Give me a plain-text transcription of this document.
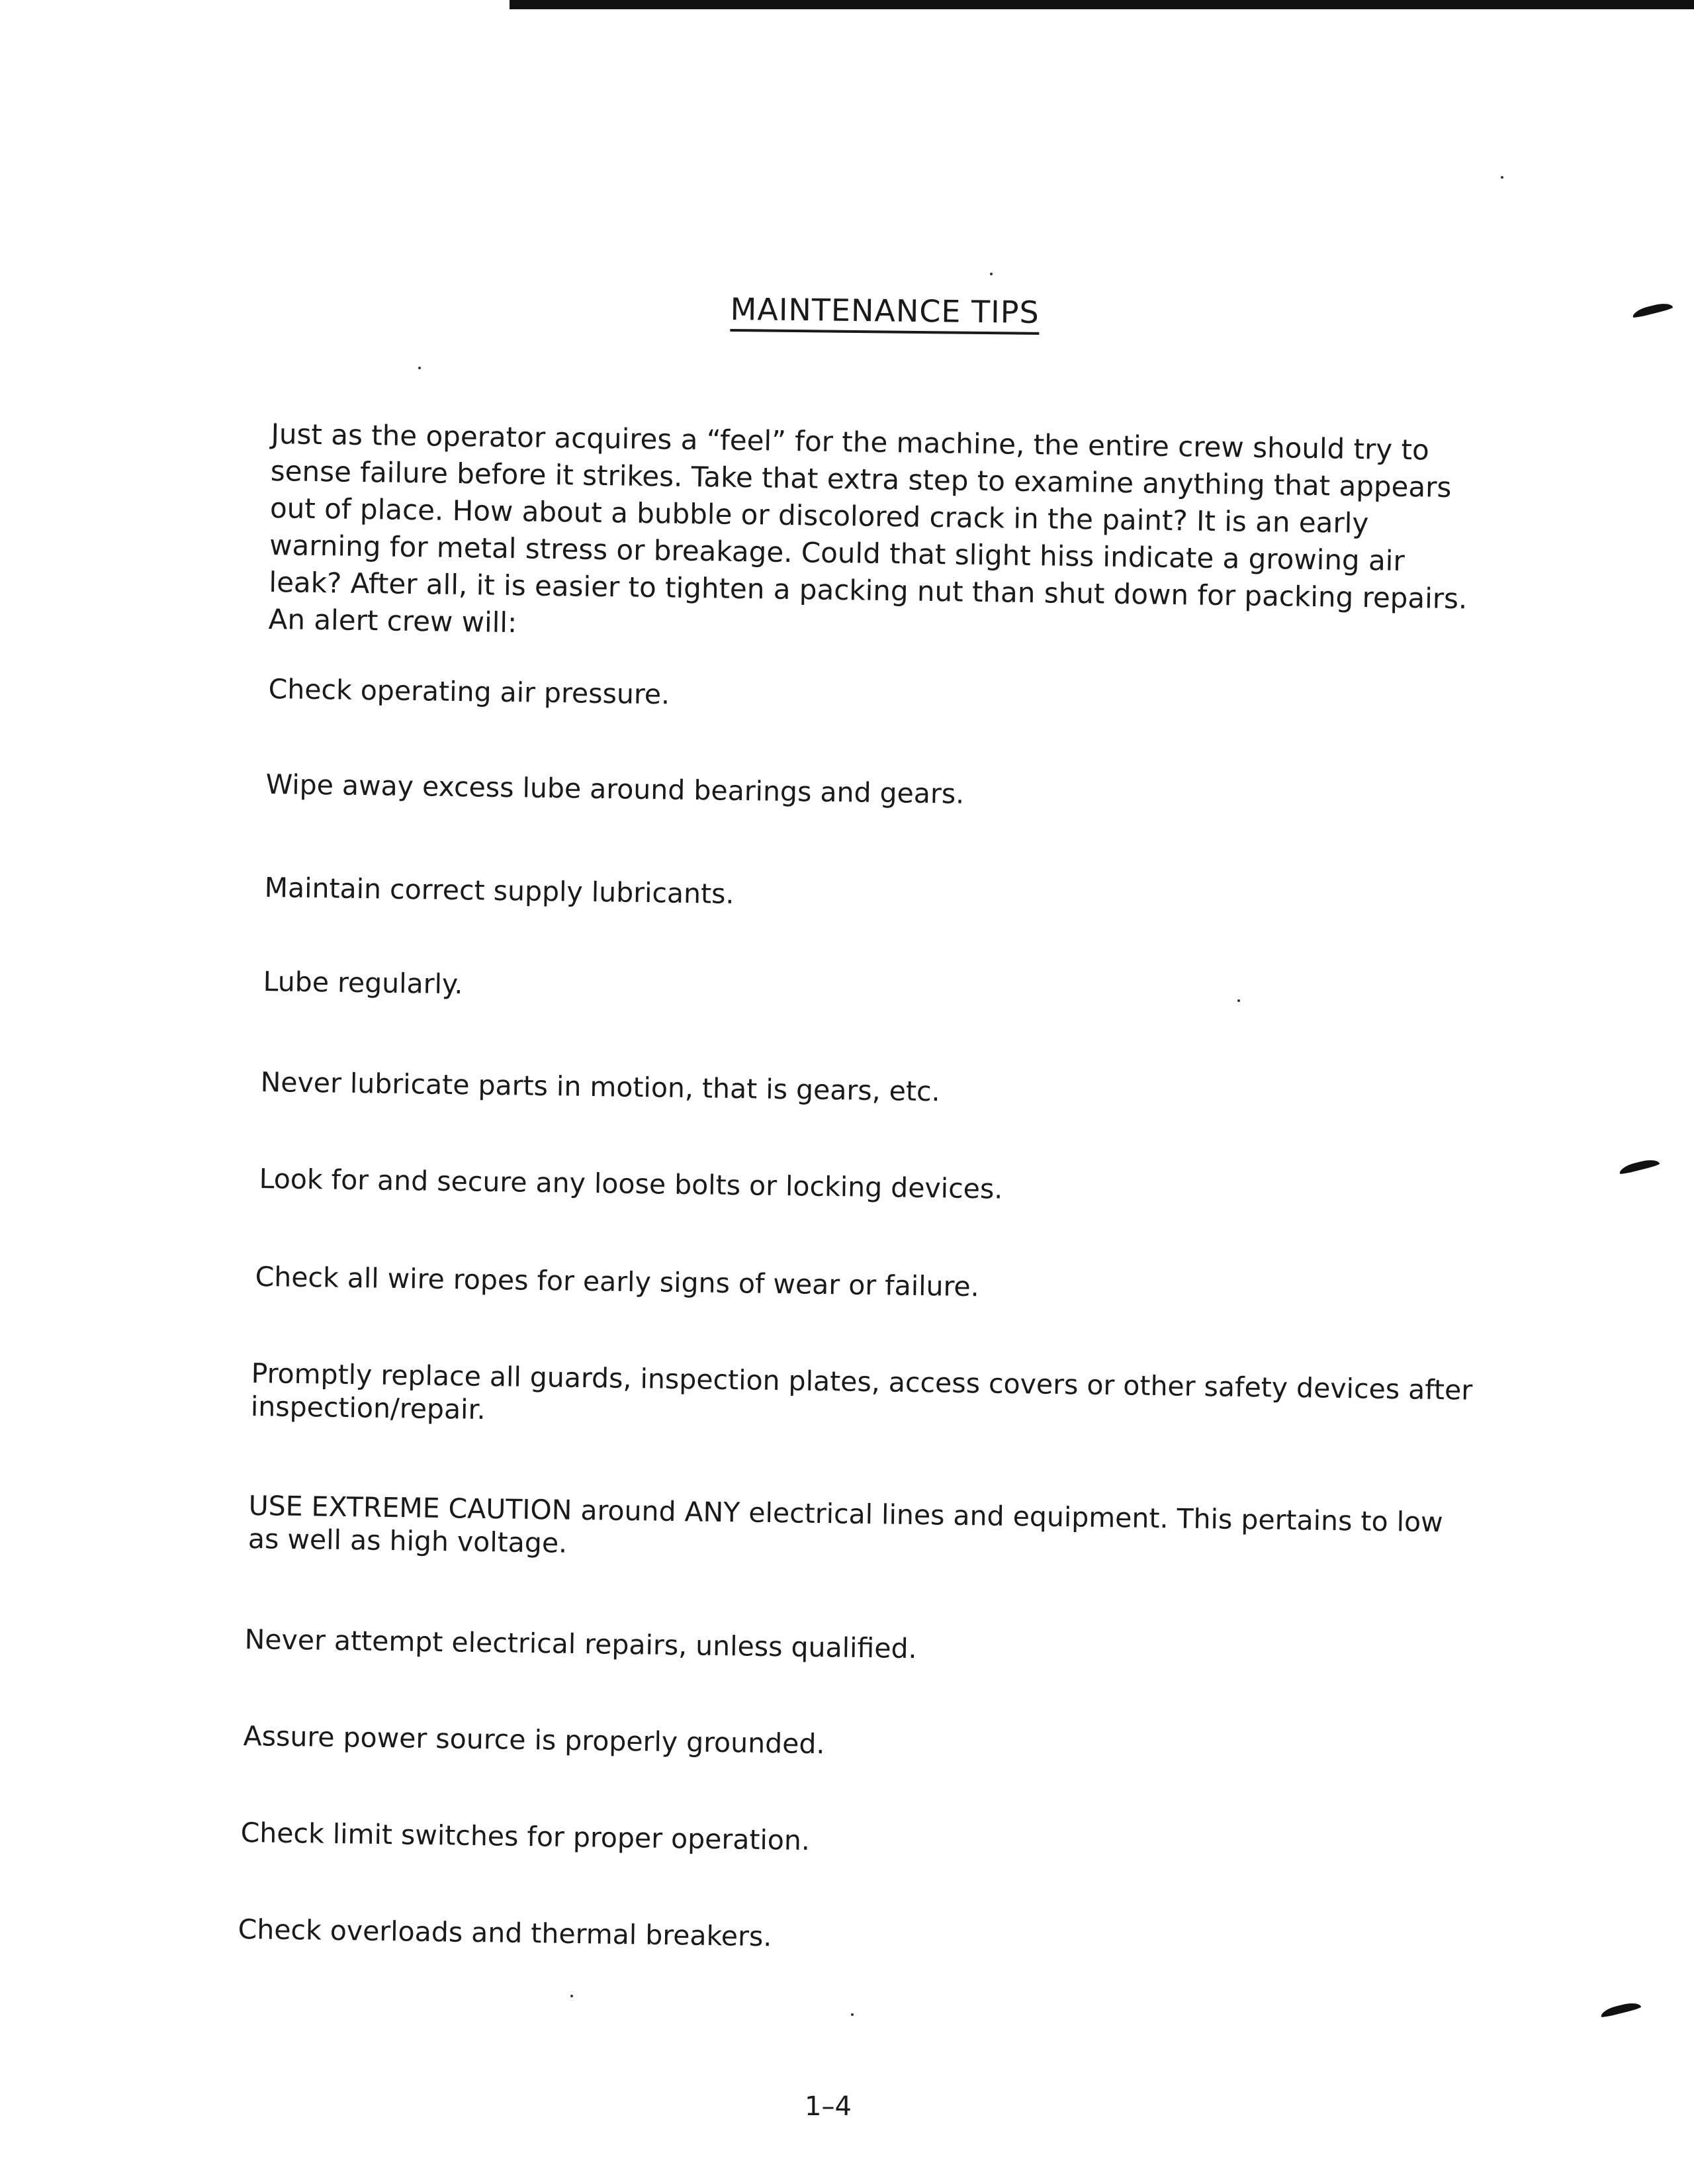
MAINTENANCE TIPS
Just as the operator acquires a “feel” for the machine, the entire crew should try to sense failure before it strikes. Take that extra step to examine anything that appears out of place. How about a bubble or discolored crack in the paint? It is an early warning for metal stress or breakage. Could that slight hiss indicate a growing air leak? After all, it is easier to tighten a packing nut than shut down for packing repairs. An alert crew will:
Check operating air pressure.
Wipe away excess lube around bearings and gears.
Maintain correct supply lubricants.
Lube regularly.
Never lubricate parts in motion, that is gears, etc.
Look for and secure any loose bolts or locking devices.
Check all wire ropes for early signs of wear or failure.
Promptly replace all guards, inspection plates, access covers or other safety devices after inspection/repair.
USE EXTREME CAUTION around ANY electrical lines and equipment. This pertains to low as well as high voltage.
Never attempt electrical repairs, unless qualified.
Assure power source is properly grounded.
Check limit switches for proper operation.
Check overloads and thermal breakers.
1–4
